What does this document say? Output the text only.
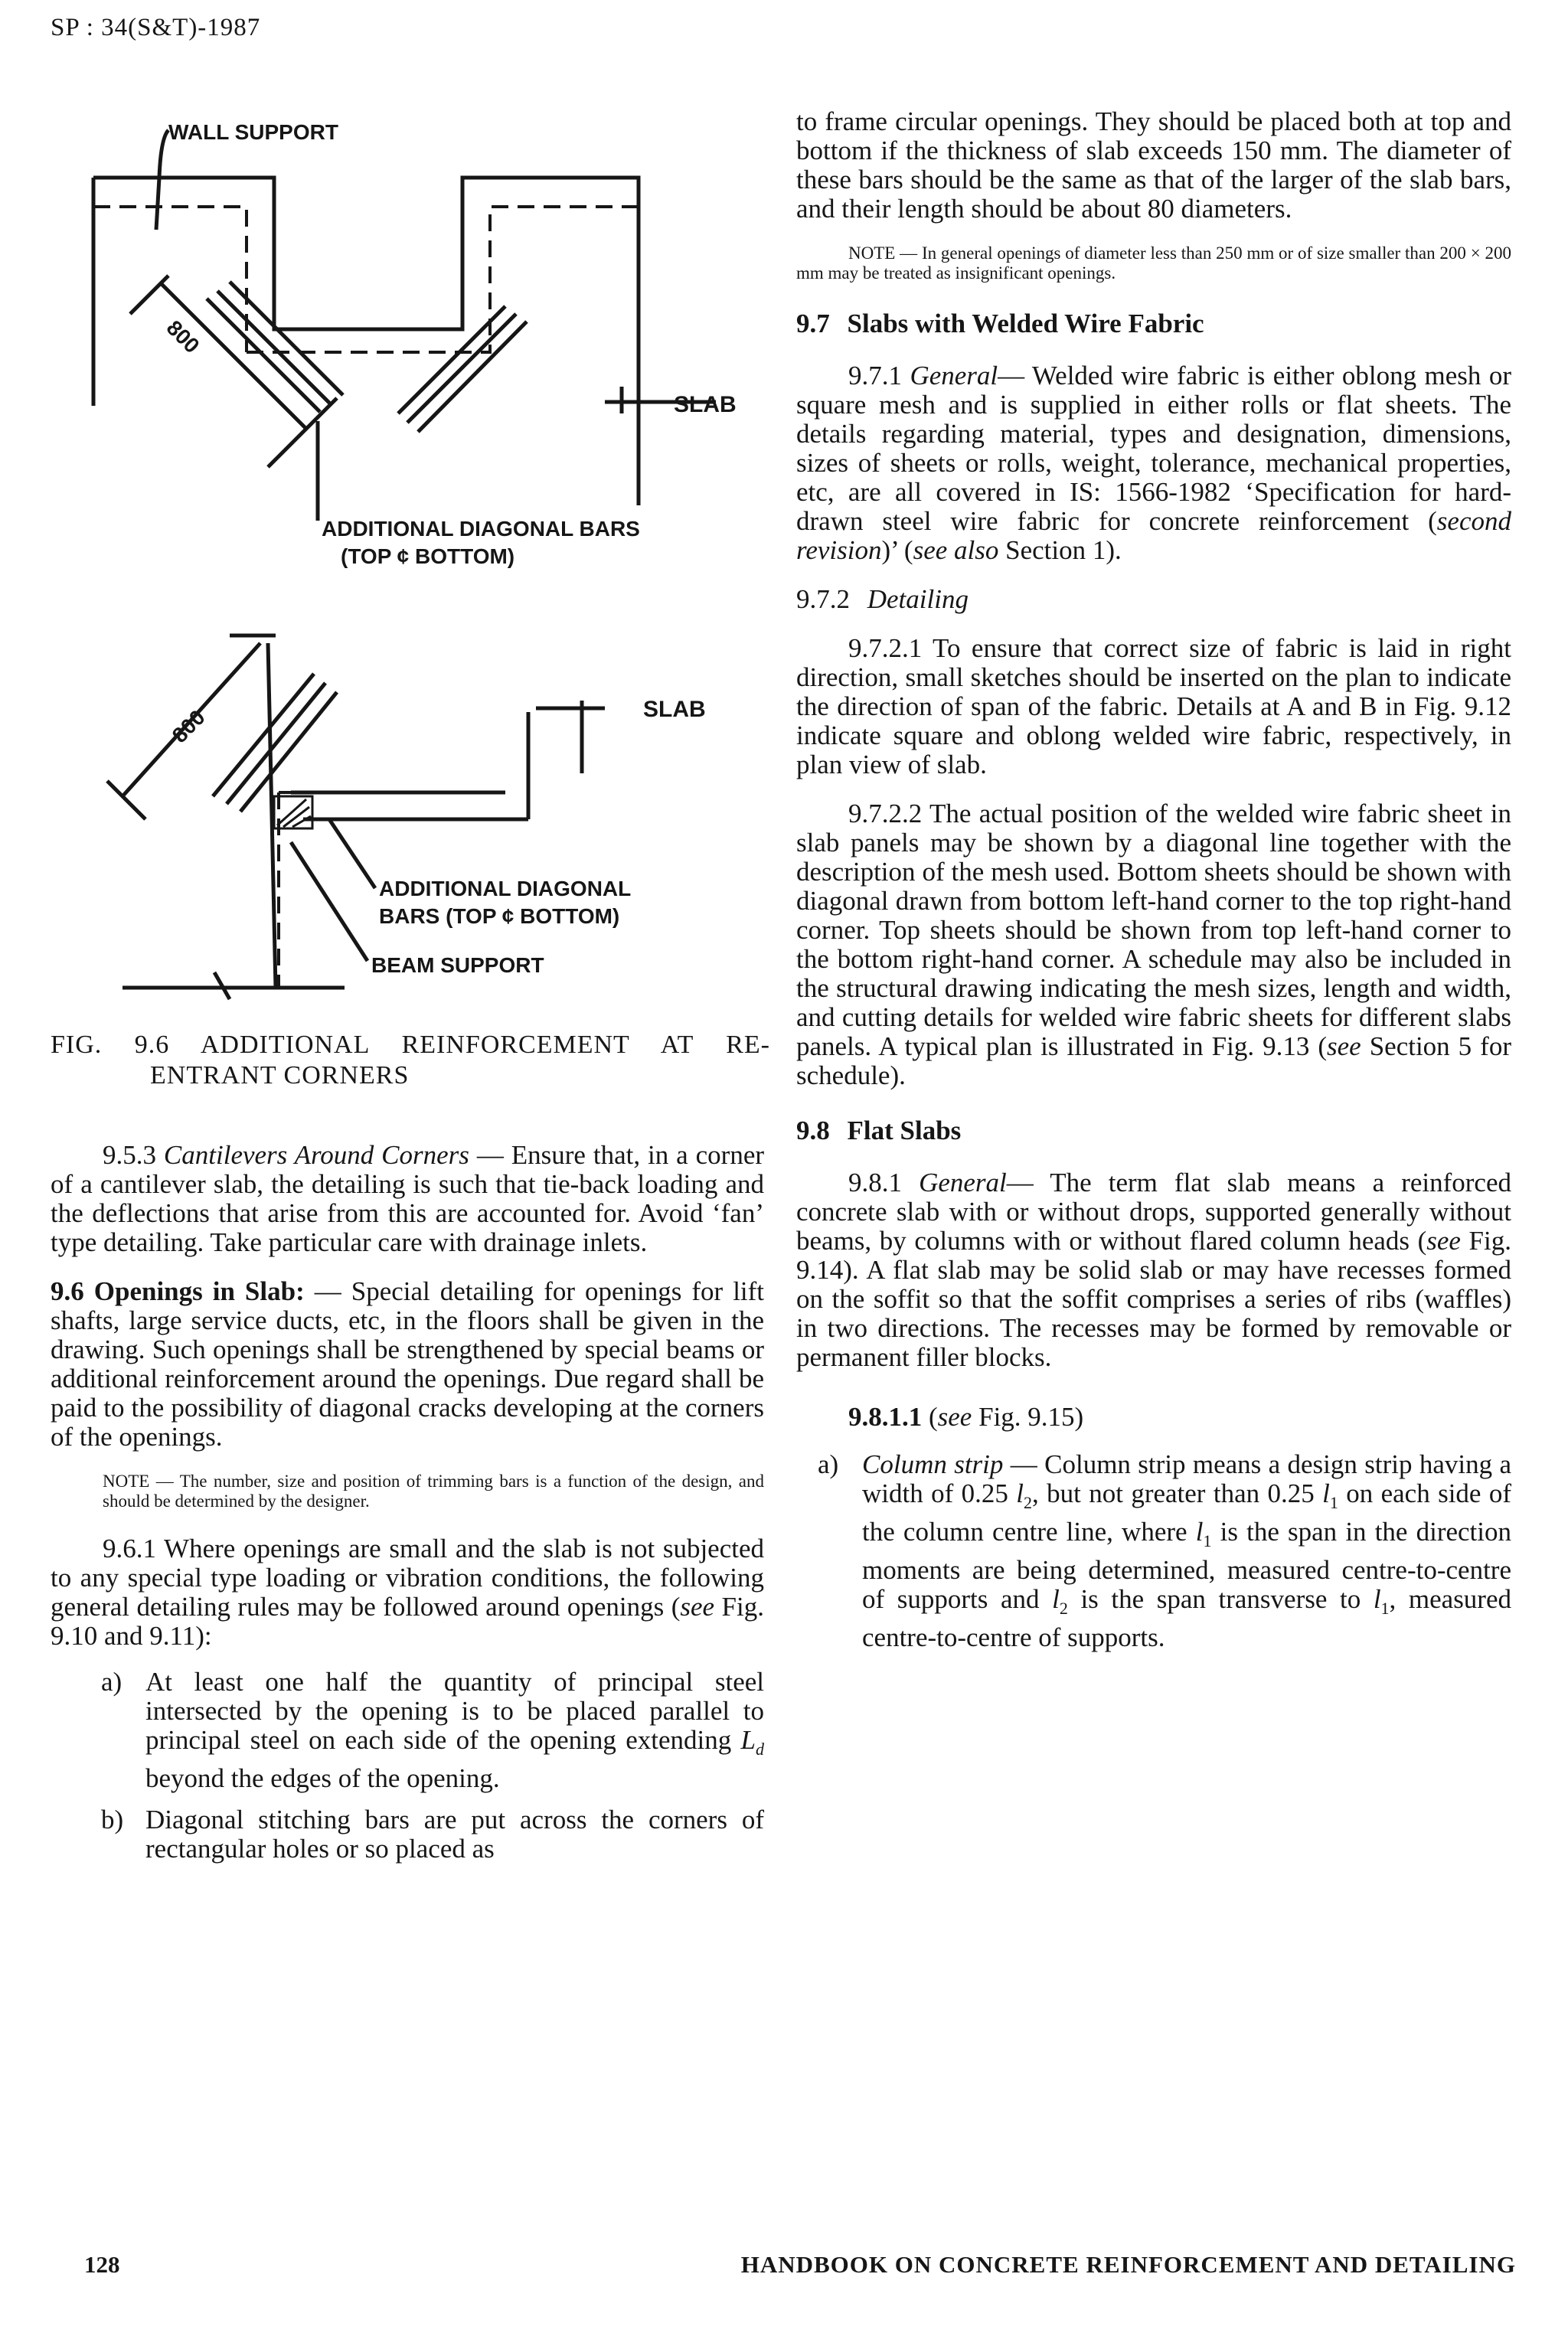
SP : 34(S&T)-1987
WALL SUPPORT
800
SLAB
ADDITIONAL DIAGONAL BARS
(TOP ¢ BOTTOM)
800	SLAB
ADDITIONAL DIAGONAL
BARS (TOP ¢ BOTTOM)
BEAM SUPPORT
FIG. 9.6 ADDITIONAL REINFORCEMENT AT RE-
ENTRANT CORNERS

9.5.3 Cantilevers Around Corners — Ensure that, in a corner of a cantilever slab, the detailing is such that tie-back loading and the deflections that arise from this are accounted for. Avoid ‘fan’ type detailing. Take particular care with drainage inlets.

9.6 Openings in Slab: — Special detailing for openings for lift shafts, large service ducts, etc, in the floors shall be given in the drawing. Such openings shall be strengthened by special beams or additional reinforcement around the openings. Due regard shall be paid to the possibility of diagonal cracks developing at the corners of the openings.

NOTE — The number, size and position of trimming bars is a function of the design, and should be determined by the designer.

9.6.1 Where openings are small and the slab is not subjected to any special type loading or vibration conditions, the following general detailing rules may be followed around openings (see Fig. 9.10 and 9.11):

a) At least one half the quantity of principal steel intersected by the opening is to be placed parallel to principal steel on each side of the opening extending $L_d$ beyond the edges of the opening.
b) Diagonal stitching bars are put across the corners of rectangular holes or so placed as

to frame circular openings. They should be placed both at top and bottom if the thickness of slab exceeds 150 mm. The diameter of these bars should be the same as that of the larger of the slab bars, and their length should be about 80 diameters.

NOTE — In general openings of diameter less than 250 mm or of size smaller than 200 × 200 mm may be treated as insignificant openings.

9.7 Slabs with Welded Wire Fabric

9.7.1 General— Welded wire fabric is either oblong mesh or square mesh and is supplied in either rolls or flat sheets. The details regarding material, types and designation, dimensions, sizes of sheets or rolls, weight, tolerance, mechanical properties, etc, are all covered in IS: 1566-1982 ‘Specification for hard-drawn steel wire fabric for concrete reinforcement (second revision)’ (see also Section 1).

9.7.2 Detailing

9.7.2.1 To ensure that correct size of fabric is laid in right direction, small sketches should be inserted on the plan to indicate the direction of span of the fabric. Details at A and B in Fig. 9.12 indicate square and oblong welded wire fabric, respectively, in plan view of slab.

9.7.2.2 The actual position of the welded wire fabric sheet in slab panels may be shown by a diagonal line together with the description of the mesh used. Bottom sheets should be shown with diagonal drawn from bottom left-hand corner to the top right-hand corner. Top sheets should be shown from top left-hand corner to the bottom right-hand corner. A schedule may also be included in the structural drawing indicating the mesh sizes, length and width, and cutting details for welded wire fabric sheets for different slabs panels. A typical plan is illustrated in Fig. 9.13 (see Section 5 for schedule).

9.8 Flat Slabs

9.8.1 General— The term flat slab means a reinforced concrete slab with or without drops, supported generally without beams, by columns with or without flared column heads (see Fig. 9.14). A flat slab may be solid slab or may have recesses formed on the soffit so that the soffit comprises a series of ribs (waffles) in two directions. The recesses may be formed by removable or permanent filler blocks.

9.8.1.1 (see Fig. 9.15)

a) Column strip — Column strip means a design strip having a width of 0.25 $l_2$, but not greater than 0.25 $l_1$ on each side of the column centre line, where $l_1$ is the span in the direction moments are being determined, measured centre-to-centre of supports and $l_2$ is the span transverse to $l_1$, measured centre-to-centre of supports.
128	HANDBOOK ON CONCRETE REINFORCEMENT AND DETAILING
